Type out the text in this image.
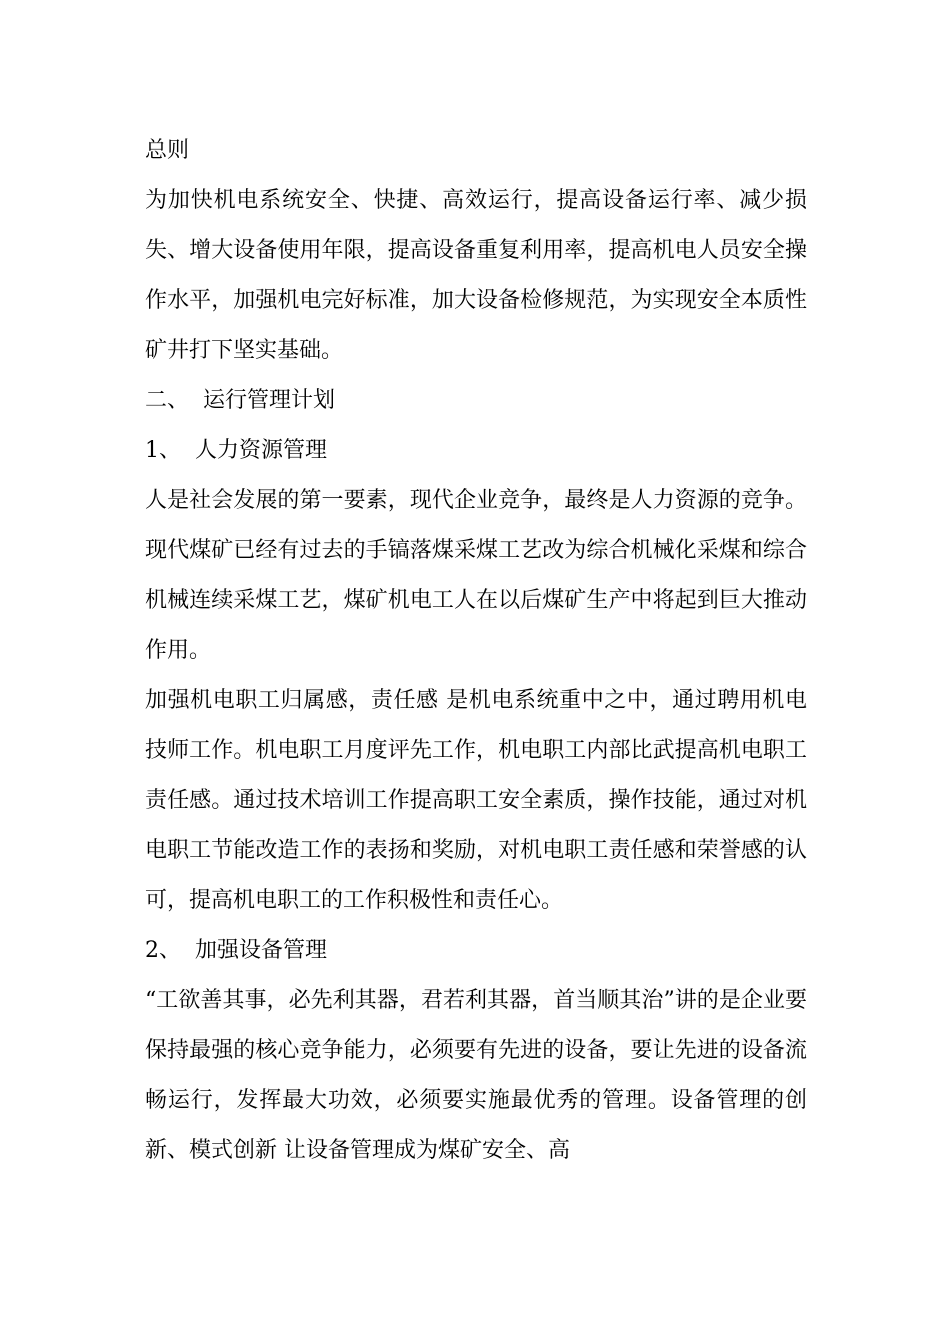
总则

为加快机电系统安全、快捷、高效运行，提高设备运行率、减少损失、增大设备使用年限，提高设备重复利用率，提高机电人员安全操作水平，加强机电完好标准，加大设备检修规范，为实现安全本质性矿井打下坚实基础。

二、  运行管理计划

1、  人力资源管理

人是社会发展的第一要素，现代企业竞争，最终是人力资源的竞争。现代煤矿已经有过去的手镐落煤采煤工艺改为综合机械化采煤和综合机械连续采煤工艺，煤矿机电工人在以后煤矿生产中将起到巨大推动作用。

加强机电职工归属感，责任感 是机电系统重中之中，通过聘用机电技师工作。机电职工月度评先工作，机电职工内部比武提高机电职工责任感。通过技术培训工作提高职工安全素质，操作技能，通过对机电职工节能改造工作的表扬和奖励，对机电职工责任感和荣誉感的认可，提高机电职工的工作积极性和责任心。

2、  加强设备管理

“工欲善其事，必先利其器，君若利其器，首当顺其治”讲的是企业要保持最强的核心竞争能力，必须要有先进的设备，要让先进的设备流畅运行，发挥最大功效，必须要实施最优秀的管理。设备管理的创新、模式创新 让设备管理成为煤矿安全、高
